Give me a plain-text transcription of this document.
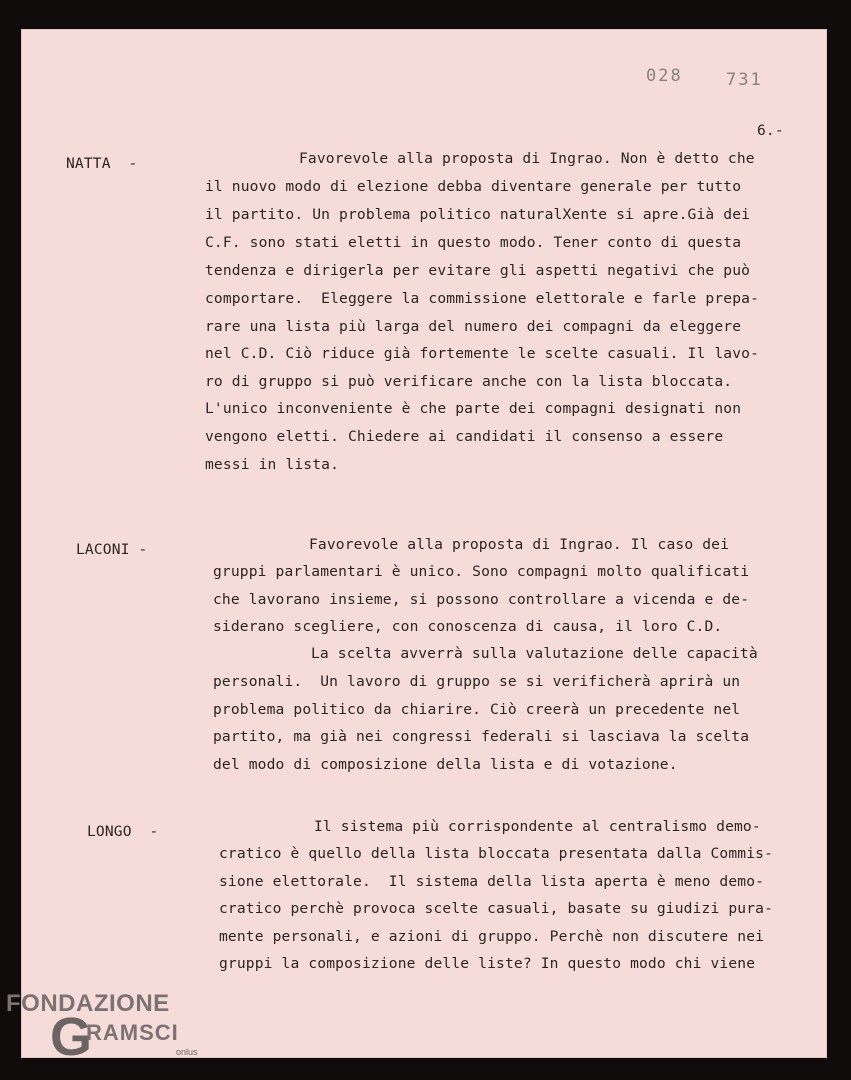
028	731
6.-
NATTA  -	Favorevole alla proposta di Ingrao. Non è detto che
il nuovo modo di elezione debba diventare generale per tutto
il partito. Un problema politico naturalXente si apre.Già dei
C.F. sono stati eletti in questo modo. Tener conto di questa
tendenza e dirigerla per evitare gli aspetti negativi che può
comportare.  Eleggere la commissione elettorale e farle prepa-
rare una lista più larga del numero dei compagni da eleggere
nel C.D. Ciò riduce già fortemente le scelte casuali. Il lavo-
ro di gruppo si può verificare anche con la lista bloccata.
L'unico inconveniente è che parte dei compagni designati non
vengono eletti. Chiedere ai candidati il consenso a essere
messi in lista.
LACONI -	Favorevole alla proposta di Ingrao. Il caso dei
gruppi parlamentari è unico. Sono compagni molto qualificati
che lavorano insieme, si possono controllare a vicenda e de-
siderano scegliere, con conoscenza di causa, il loro C.D.
La scelta avverrà sulla valutazione delle capacità
personali.  Un lavoro di gruppo se si verificherà aprirà un
problema politico da chiarire. Ciò creerà un precedente nel
partito, ma già nei congressi federali si lasciava la scelta
del modo di composizione della lista e di votazione.
LONGO  -	Il sistema più corrispondente al centralismo demo-
cratico è quello della lista bloccata presentata dalla Commis-
sione elettorale.  Il sistema della lista aperta è meno demo-
cratico perchè provoca scelte casuali, basate su giudizi pura-
mente personali, e azioni di gruppo. Perchè non discutere nei
gruppi la composizione delle liste? In questo modo chi viene
FONDAZIONE
G
RAMSCI
onlus
